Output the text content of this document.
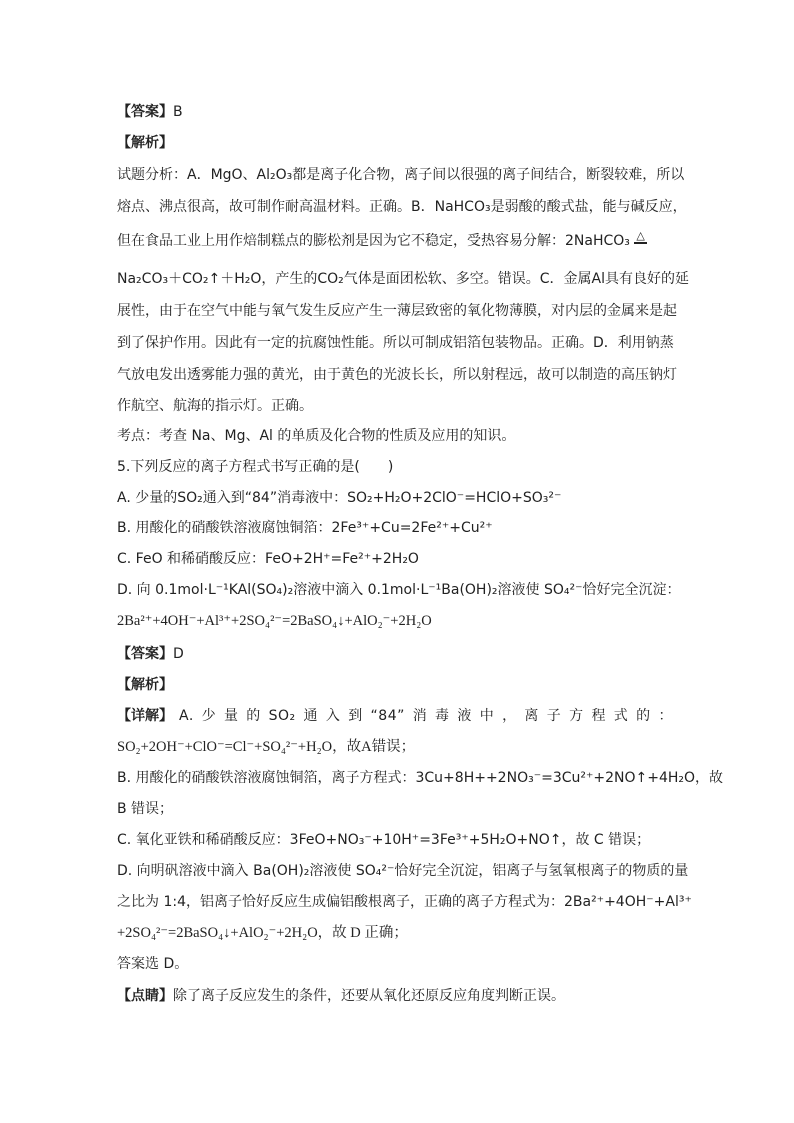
【答案】B
【解析】
试题分析：A．MgO、Al₂O₃都是离子化合物，离子间以很强的离子间结合，断裂较难，所以
熔点、沸点很高，故可制作耐高温材料。正确。B．NaHCO₃是弱酸的酸式盐，能与碱反应，
但在食品工业上用作焙制糕点的膨松剂是因为它不稳定，受热容易分解：2NaHCO₃ △
Na₂CO₃＋CO₂↑＋H₂O，产生的CO₂气体是面团松软、多空。错误。C．金属Al具有良好的延
展性，由于在空气中能与氧气发生反应产生一薄层致密的氧化物薄膜，对内层的金属来是起
到了保护作用。因此有一定的抗腐蚀性能。所以可制成铝箔包装物品。正确。D．利用钠蒸
气放电发出透雾能力强的黄光，由于黄色的光波长长，所以射程远，故可以制造的高压钠灯
作航空、航海的指示灯。正确。
考点：考查 Na、Mg、Al 的单质及化合物的性质及应用的知识。
5.下列反应的离子方程式书写正确的是(　　)
A. 少量的SO₂通入到“84”消毒液中：SO₂+H₂O+2ClO⁻=HClO+SO₃²⁻
B. 用酸化的硝酸铁溶液腐蚀铜箔：2Fe³⁺+Cu=2Fe²⁺+Cu²⁺
C. FeO 和稀硝酸反应：FeO+2H⁺=Fe²⁺+2H₂O
D. 向 0.1mol·L⁻¹KAl(SO₄)₂溶液中滴入 0.1mol·L⁻¹Ba(OH)₂溶液使 SO₄²⁻恰好完全沉淀：
2Ba²⁺+4OH⁻+Al³⁺+2SO₄²⁻=2BaSO₄↓+AlO₂⁻+2H₂O
【答案】D
【解析】
【详解】 A.少量的SO₂通入到“84”消毒液中，离子方程式的：
SO₂+2OH⁻+ClO⁻=Cl⁻+SO₄²⁻+H₂O，故A错误；
B. 用酸化的硝酸铁溶液腐蚀铜箔，离子方程式：3Cu+8H++2NO₃⁻=3Cu²⁺+2NO↑+4H₂O，故
B 错误；
C. 氧化亚铁和稀硝酸反应：3FeO+NO₃⁻+10H⁺=3Fe³⁺+5H₂O+NO↑，故 C 错误；
D. 向明矾溶液中滴入 Ba(OH)₂溶液使 SO₄²⁻恰好完全沉淀，铝离子与氢氧根离子的物质的量
之比为 1:4，铝离子恰好反应生成偏铝酸根离子，正确的离子方程式为：2Ba²⁺+4OH⁻+Al³⁺
+2SO₄²⁻=2BaSO₄↓+AlO₂⁻+2H₂O，故 D 正确；
答案选 D。
【点睛】除了离子反应发生的条件，还要从氧化还原反应角度判断正误。
